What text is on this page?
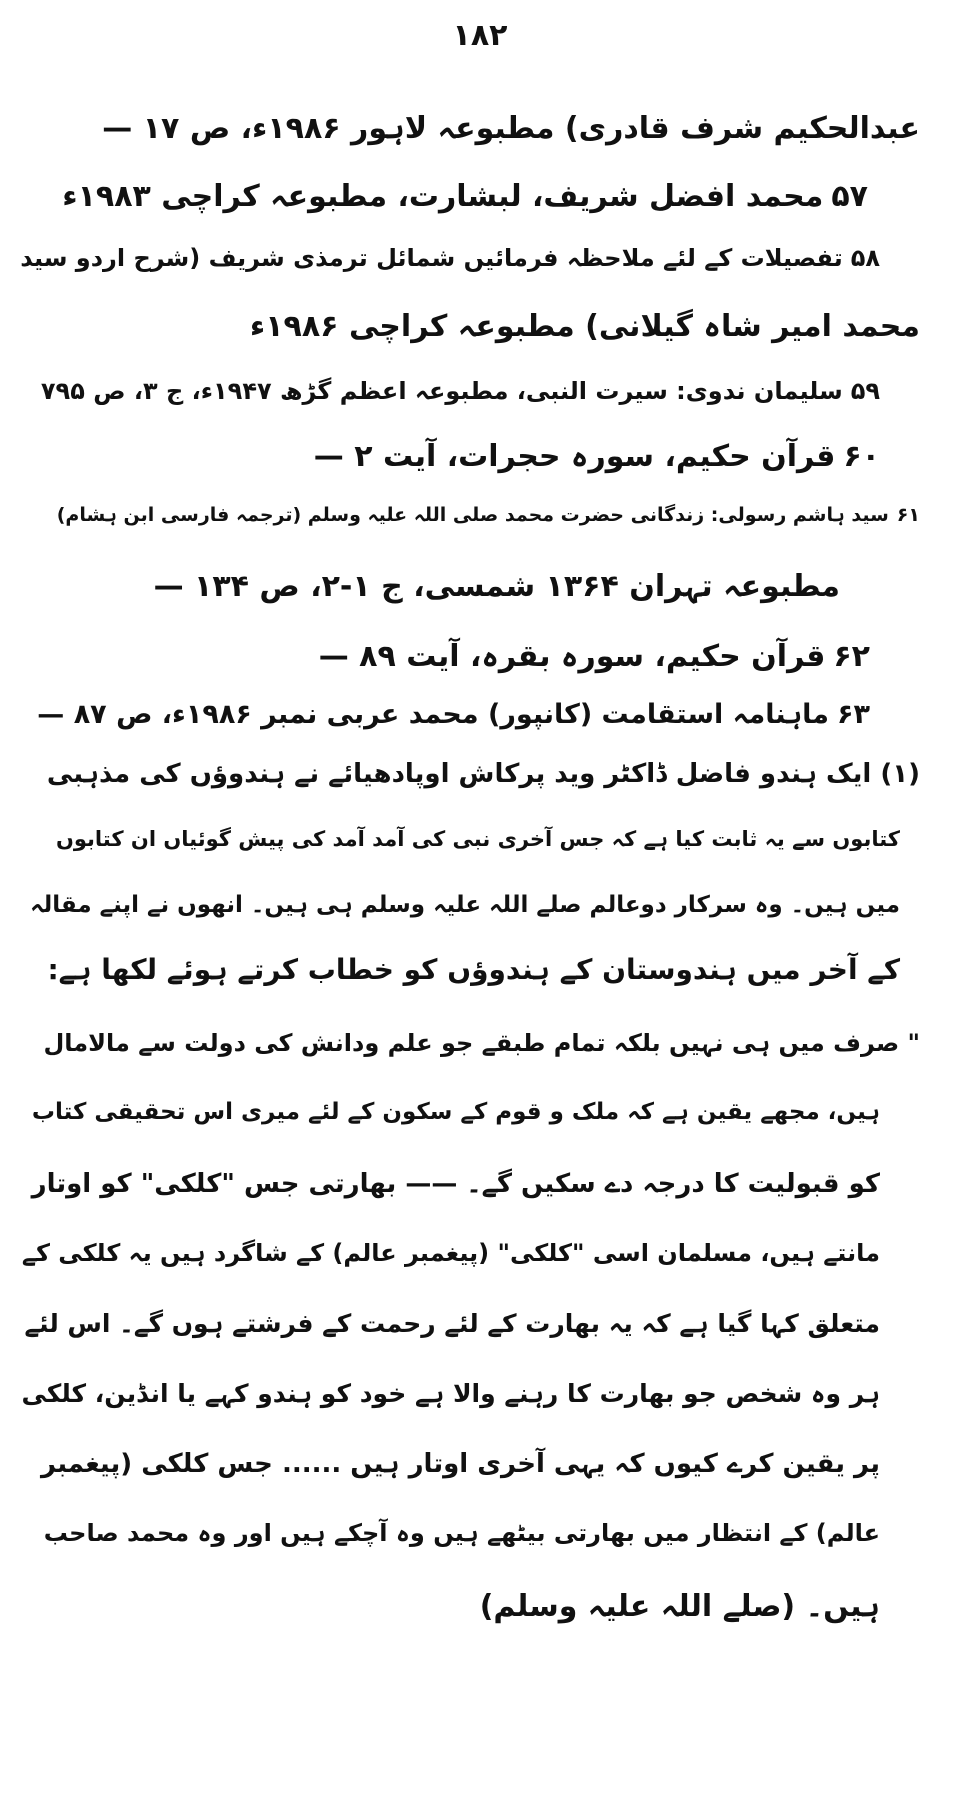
۱۸۲
عبدالحکیم شرف قادری) مطبوعہ لاہور ۱۹۸۶ء، ص ۱۷ —
۵۷محمد افضل شریف، لبشارت، مطبوعہ کراچی ۱۹۸۳ء
۵۸تفصیلات کے لئے ملاحظہ فرمائیں شمائل ترمذی شریف (شرح اردو سید
محمد امیر شاہ گیلانی) مطبوعہ کراچی ۱۹۸۶ء
۵۹سلیمان ندوی: سیرت النبی، مطبوعہ اعظم گڑھ ۱۹۴۷ء، ج ۳، ص ۷۹۵
۶۰قرآن حکیم، سورہ حجرات، آیت ۲ —
۶۱سید ہاشم رسولی: زندگانی حضرت محمد صلی اللہ علیہ وسلم (ترجمہ فارسی ابن ہشام)
مطبوعہ تہران ۱۳۶۴ شمسی، ج ۱-۲، ص ۱۳۴ —
۶۲قرآن حکیم، سورہ بقرہ، آیت ۸۹ —
۶۳ماہنامہ استقامت (کانپور) محمد عربی نمبر ۱۹۸۶ء، ص ۸۷ —
(۱) ایک ہندو فاضل ڈاکٹر وید پرکاش اوپادھیائے نے ہندوؤں کی مذہبی
کتابوں سے یہ ثابت کیا ہے کہ جس آخری نبی کی آمد آمد کی پیش گوئیاں ان کتابوں
میں ہیں۔ وہ سرکار دوعالم صلے اللہ علیہ وسلم ہی ہیں۔ انھوں نے اپنے مقالہ
کے آخر میں ہندوستان کے ہندوؤں کو خطاب کرتے ہوئے لکھا ہے:
" صرف میں ہی نہیں بلکہ تمام طبقے جو علم ودانش کی دولت سے مالامال
ہیں، مجھے یقین ہے کہ ملک و قوم کے سکون کے لئے میری اس تحقیقی کتاب
کو قبولیت کا درجہ دے سکیں گے۔ —— بھارتی جس "کلکی" کو اوتار
مانتے ہیں، مسلمان اسی "کلکی" (پیغمبر عالم) کے شاگرد ہیں یہ کلکی کے
متعلق کہا گیا ہے کہ یہ بھارت کے لئے رحمت کے فرشتے ہوں گے۔ اس لئے
ہر وہ شخص جو بھارت کا رہنے والا ہے خود کو ہندو کہے یا انڈین، کلکی
پر یقین کرے کیوں کہ یہی آخری اوتار ہیں ...... جس کلکی (پیغمبر
عالم) کے انتظار میں بھارتی بیٹھے ہیں وہ آچکے ہیں اور وہ محمد صاحب
ہیں۔ (صلے اللہ علیہ وسلم)
